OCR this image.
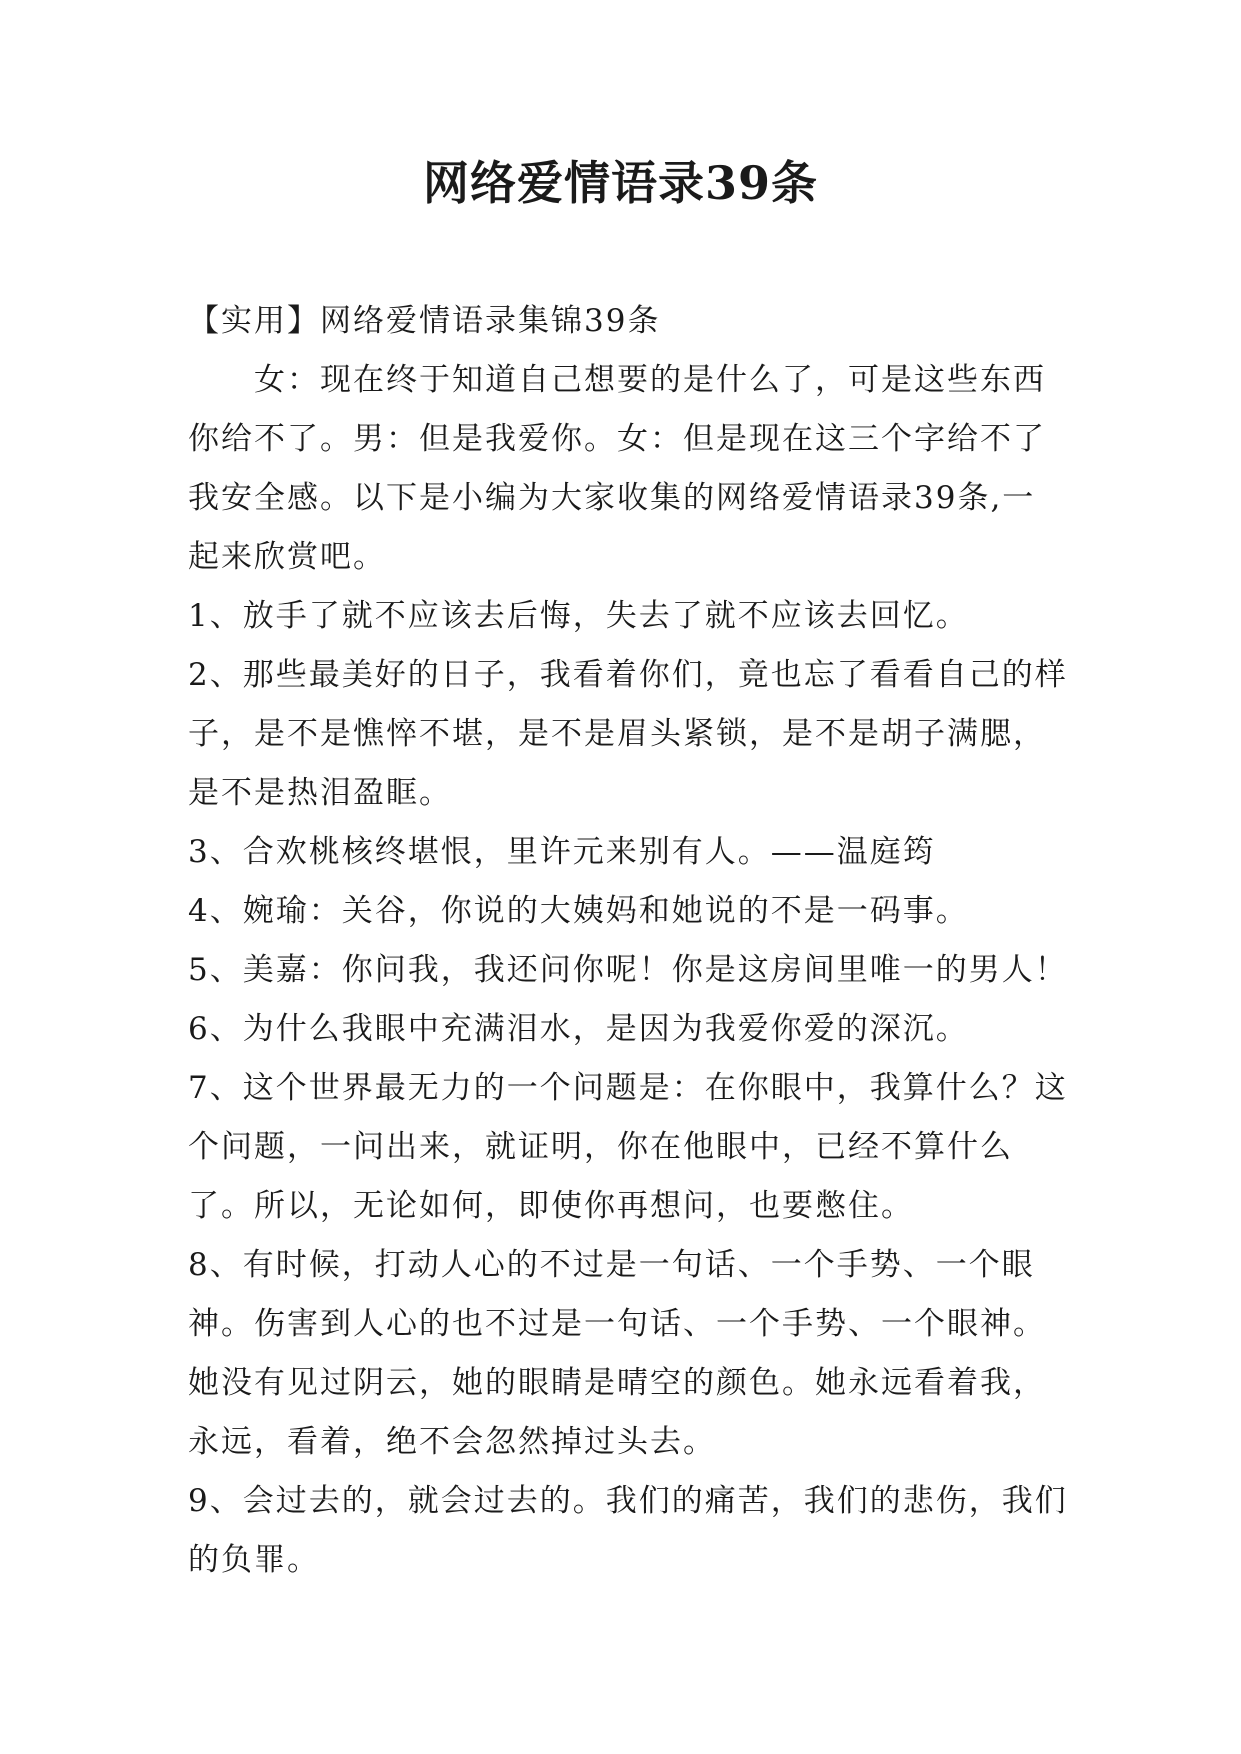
网络爱情语录39条

【实用】网络爱情语录集锦39条

女：现在终于知道自己想要的是什么了，可是这些东西你给不了。男：但是我爱你。女：但是现在这三个字给不了我安全感。以下是小编为大家收集的网络爱情语录39条,一起来欣赏吧。

1、放手了就不应该去后悔，失去了就不应该去回忆。

2、那些最美好的日子，我看着你们，竟也忘了看看自己的样子，是不是憔悴不堪，是不是眉头紧锁，是不是胡子满腮，是不是热泪盈眶。

3、合欢桃核终堪恨，里许元来别有人。——温庭筠

4、婉瑜：关谷，你说的大姨妈和她说的不是一码事。

5、美嘉：你问我，我还问你呢！你是这房间里唯一的男人！

6、为什么我眼中充满泪水，是因为我爱你爱的深沉。

7、这个世界最无力的一个问题是：在你眼中，我算什么？这个问题，一问出来，就证明，你在他眼中，已经不算什么了。所以，无论如何，即使你再想问，也要憋住。

8、有时候，打动人心的不过是一句话、一个手势、一个眼神。伤害到人心的也不过是一句话、一个手势、一个眼神。她没有见过阴云，她的眼睛是晴空的颜色。她永远看着我，永远，看着，绝不会忽然掉过头去。

9、会过去的，就会过去的。我们的痛苦，我们的悲伤，我们的负罪。
